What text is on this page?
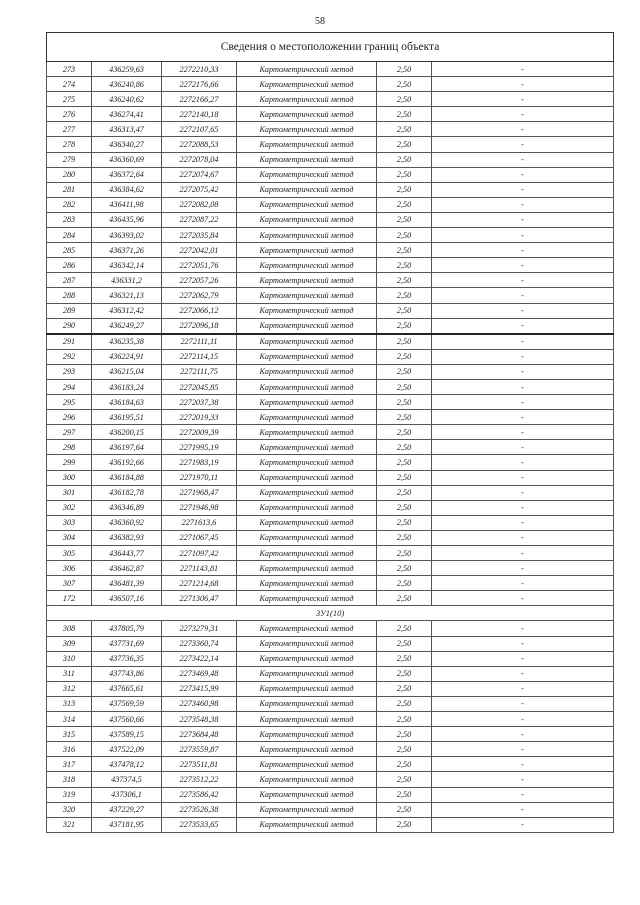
58
Сведения о местоположении границ объекта					
273	436259,63	2272210,33	Картометрический метод	2,50	-
274	436240,86	2272176,66	Картометрический метод	2,50	-
275	436240,62	2272166,27	Картометрический метод	2,50	-
276	436274,41	2272140,18	Картометрический метод	2,50	-
277	436313,47	2272107,65	Картометрический метод	2,50	-
278	436340,27	2272088,53	Картометрический метод	2,50	-
279	436360,69	2272078,04	Картометрический метод	2,50	-
280	436372,64	2272074,67	Картометрический метод	2,50	-
281	436384,62	2272075,42	Картометрический метод	2,50	-
282	436411,98	2272082,08	Картометрический метод	2,50	-
283	436435,96	2272087,22	Картометрический метод	2,50	-
284	436393,02	2272035,84	Картометрический метод	2,50	-
285	436371,26	2272042,01	Картометрический метод	2,50	-
286	436342,14	2272051,76	Картометрический метод	2,50	-
287	436331,2	2272057,26	Картометрический метод	2,50	-
288	436321,13	2272062,79	Картометрический метод	2,50	-
289	436312,42	2272066,12	Картометрический метод	2,50	-
290	436249,27	2272096,18	Картометрический метод	2,50	-
291	436235,38	2272111,11	Картометрический метод	2,50	-
292	436224,91	2272114,15	Картометрический метод	2,50	-
293	436215,04	2272111,75	Картометрический метод	2,50	-
294	436183,24	2272045,85	Картометрический метод	2,50	-
295	436184,63	2272037,38	Картометрический метод	2,50	-
296	436195,51	2272019,33	Картометрический метод	2,50	-
297	436200,15	2272009,39	Картометрический метод	2,50	-
298	436197,64	2271995,19	Картометрический метод	2,50	-
299	436192,66	2271983,19	Картометрический метод	2,50	-
300	436184,88	2271970,11	Картометрический метод	2,50	-
301	436182,78	2271968,47	Картометрический метод	2,50	-
302	436346,89	2271946,98	Картометрический метод	2,50	-
303	436360,92	2271613,6	Картометрический метод	2,50	-
304	436382,93	2271067,45	Картометрический метод	2,50	-
305	436443,77	2271097,42	Картометрический метод	2,50	-
306	436462,87	2271143,81	Картометрический метод	2,50	-
307	436481,39	2271214,68	Картометрический метод	2,50	-
172	436507,16	2271306,47	Картометрический метод	2,50	-
3У1(10)					
308	437805,79	2273279,31	Картометрический метод	2,50	-
309	437731,69	2273360,74	Картометрический метод	2,50	-
310	437736,35	2273422,14	Картометрический метод	2,50	-
311	437743,86	2273469,48	Картометрический метод	2,50	-
312	437665,61	2273415,99	Картометрический метод	2,50	-
313	437569,59	2273460,98	Картометрический метод	2,50	-
314	437560,66	2273548,38	Картометрический метод	2,50	-
315	437589,15	2273684,48	Картометрический метод	2,50	-
316	437522,09	2273559,87	Картометрический метод	2,50	-
317	437478,12	2273511,81	Картометрический метод	2,50	-
318	437374,5	2273512,22	Картометрический метод	2,50	-
319	437306,1	2273586,42	Картометрический метод	2,50	-
320	437229,27	2273526,38	Картометрический метод	2,50	-
321	437181,95	2273533,65	Картометрический метод	2,50	-
